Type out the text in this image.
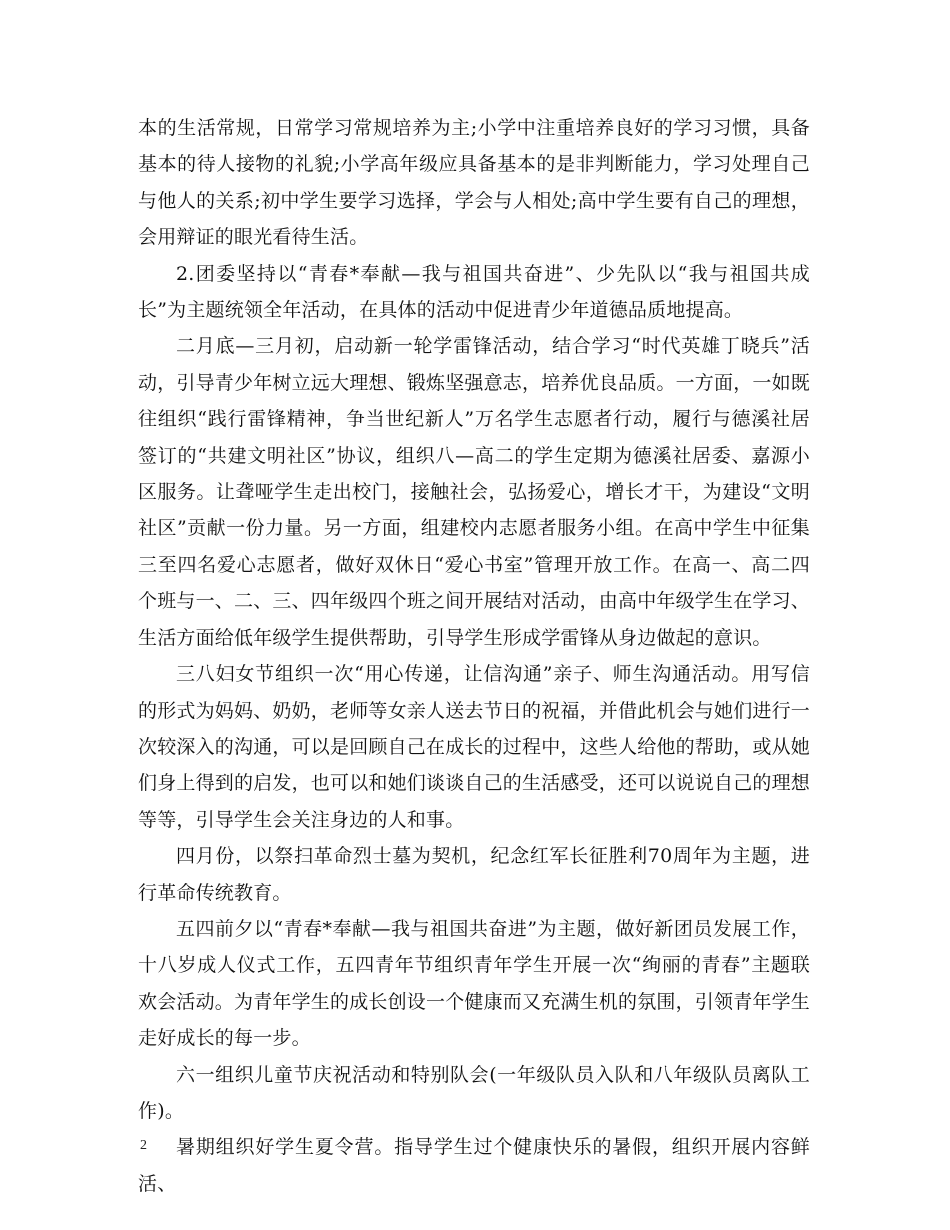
本的生活常规，日常学习常规培养为主;小学中注重培养良好的学习习惯，具备基本的待人接物的礼貌;小学高年级应具备基本的是非判断能力，学习处理自己与他人的关系;初中学生要学习选择，学会与人相处;高中学生要有自己的理想，会用辩证的眼光看待生活。

2.团委坚持以“青春*奉献—我与祖国共奋进”、少先队以“我与祖国共成长”为主题统领全年活动，在具体的活动中促进青少年道德品质地提高。

二月底—三月初，启动新一轮学雷锋活动，结合学习“时代英雄丁晓兵”活动，引导青少年树立远大理想、锻炼坚强意志，培养优良品质。一方面，一如既往组织“践行雷锋精神，争当世纪新人”万名学生志愿者行动，履行与德溪社居签订的“共建文明社区”协议，组织八—高二的学生定期为德溪社居委、嘉源小区服务。让聋哑学生走出校门，接触社会，弘扬爱心，增长才干，为建设“文明社区”贡献一份力量。另一方面，组建校内志愿者服务小组。在高中学生中征集三至四名爱心志愿者，做好双休日“爱心书室”管理开放工作。在高一、高二四个班与一、二、三、四年级四个班之间开展结对活动，由高中年级学生在学习、生活方面给低年级学生提供帮助，引导学生形成学雷锋从身边做起的意识。

三八妇女节组织一次“用心传递，让信沟通”亲子、师生沟通活动。用写信的形式为妈妈、奶奶，老师等女亲人送去节日的祝福，并借此机会与她们进行一次较深入的沟通，可以是回顾自己在成长的过程中，这些人给他的帮助，或从她们身上得到的启发，也可以和她们谈谈自己的生活感受，还可以说说自己的理想等等，引导学生会关注身边的人和事。

四月份，以祭扫革命烈士墓为契机，纪念红军长征胜利70周年为主题，进行革命传统教育。

五四前夕以“青春*奉献—我与祖国共奋进”为主题，做好新团员发展工作，十八岁成人仪式工作，五四青年节组织青年学生开展一次“绚丽的青春”主题联欢会活动。为青年学生的成长创设一个健康而又充满生机的氛围，引领青年学生走好成长的每一步。

六一组织儿童节庆祝活动和特别队会(一年级队员入队和八年级队员离队工作)。

暑期组织好学生夏令营。指导学生过个健康快乐的暑假，组织开展内容鲜活、

2
